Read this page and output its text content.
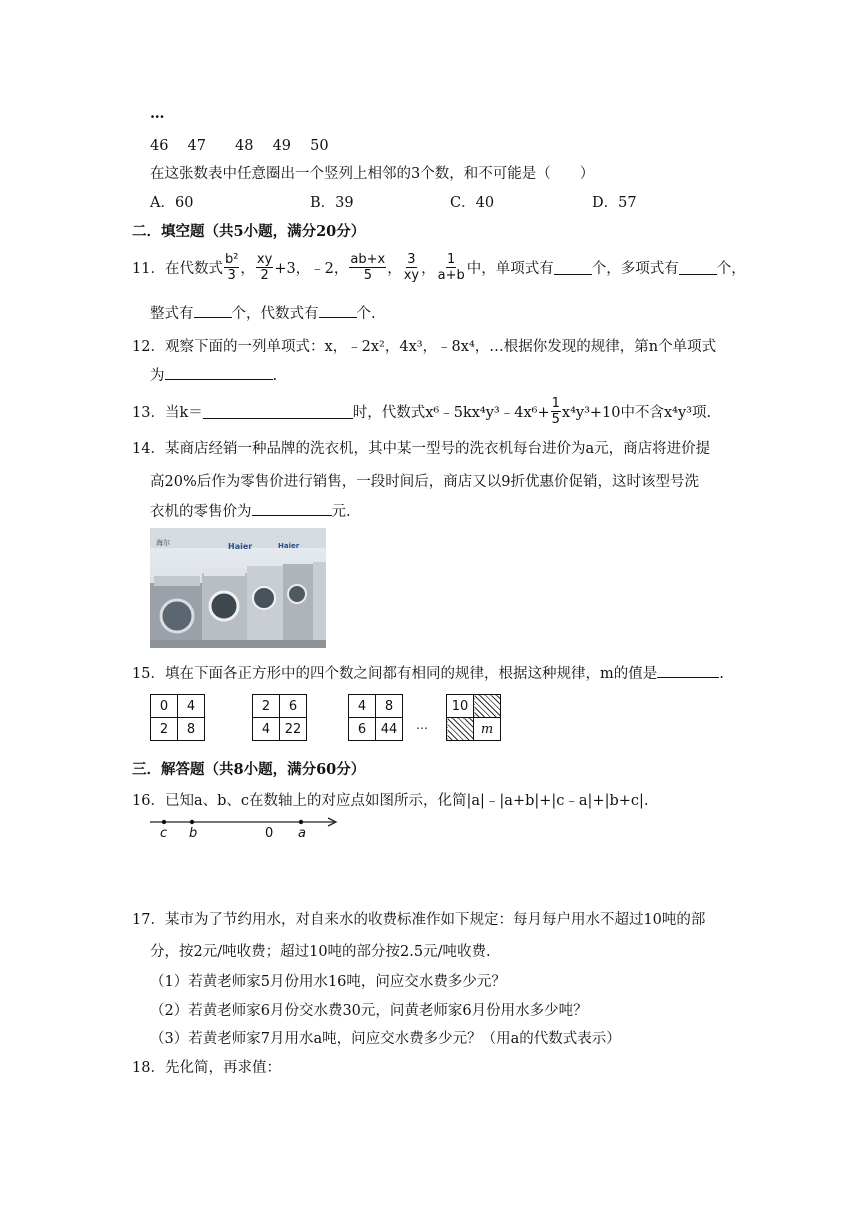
…
46　 47　　48　 49　 50
在这张数表中任意圈出一个竖列上相邻的3个数，和不可能是（　　）
A．60	B．39	C．40	D．57
二．填空题（共5小题，满分20分）
11．在代数式 $\frac{\text{b²}}{3}$ ， $\frac{xy}{2} +3$，﹣2， $\frac{ab+x}{5}$ ， $\frac{3}{xy}$ ， $\frac{1}{a+b}$ 中，单项式有	个，多项式有	个，
整式有	个，代数式有	个.
12．观察下面的一列单项式：x，﹣2x²，4x³，﹣8x⁴，…根据你发现的规律，第n个单项式
为	.
13．当k＝	时，代数式x⁶﹣5kx⁴y³﹣4x⁶+ $\frac{1}{5} x^4y^3+10$中不含x⁴y³项.
14．某商店经销一种品牌的洗衣机，其中某一型号的洗衣机每台进价为a元，商店将进价提
高20%后作为零售价进行销售，一段时间后，商店又以9折优惠价促销，这时该型号洗
衣机的零售价为	元.
海尔	Haier	Haier
15．填在下面各正方形中的四个数之间都有相同的规律，根据这种规律，m的值是	.
0	4
2	8
2	6
4	22
4	8
6	44 …
10	
	m
三．解答题（共8小题，满分60分）
16．已知a、b、c在数轴上的对应点如图所示，化简|a|﹣|a+b|+|c﹣a|+|b+c|.
c b	0 a
17．某市为了节约用水，对自来水的收费标准作如下规定：每月每户用水不超过10吨的部
分，按2元/吨收费；超过10吨的部分按2.5元/吨收费.
（1）若黄老师家5月份用水16吨，问应交水费多少元？
（2）若黄老师家6月份交水费30元，问黄老师家6月份用水多少吨？
（3）若黄老师家7月用水a吨，问应交水费多少元？（用a的代数式表示）
18．先化简，再求值：
